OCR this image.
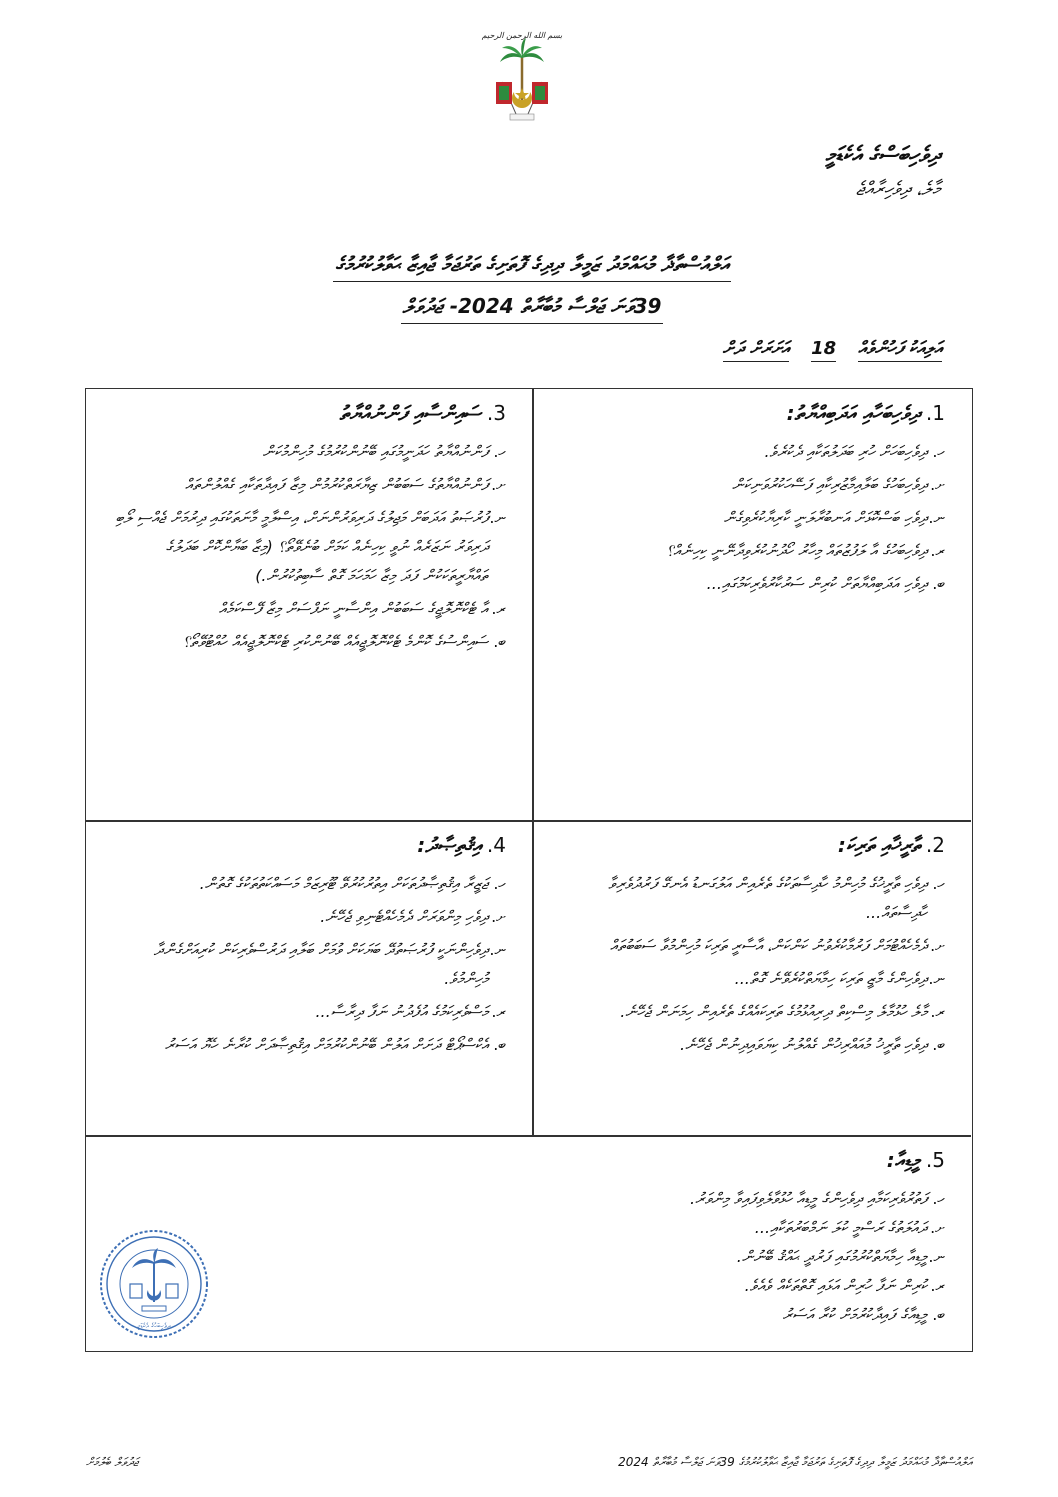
بسم الله الرحمن الرحيم
ދިވެހިބަސްގެ އެކެޑަމީ
މާލެ، ދިވެހިރާއްޖެ
އަލްއުސްތާޛާ މުޙައްމަދު ޒަމީލާ ދިދިގެ ފޮތަށިގެ ތަރުޖަމާ ޖާއިޒާ ޙަވާލުކުރުމުގެ
39ވަނަ ޖަލްސާ މުބާރާތް 2024- ޖަދުވަލް
އަލިއަކު ފަހުންވެއް
18
އަށަރަށް ދަށް
1.ދިވެހިބަހާއި އަދަބިއްޔާތު:
ހ.
ދިވެހިބަހަށް ހުރި ބަދަލުތަކާއި ދެކުރެވެ.
ށ.
ދިވެހިބަހުގެ ބަލާއިމާޒުރިކާއި ފަސޭހަކުރުވަނިކަން
ނ.
ދިވެހި ބަސްކޮޅަށް އަނބުރާލަނީ ކާރިޔާކުރެވިގެން
ރ.
ދިވެހިބަހުގެ އާ ލަފުޒުތައް މިހާރު ހޯދުނުކުރެވިދާނޭނީ ކިހިނެއް؟
ބ.
ދިވެހި އަދަބިއްޔާތަށް ކުރިން ސަރުކާރުވެރިކަމުގައި...
3.ސައިންސާއި ފަންނުއްޔާތު
ހ.
ފަންނުއްޔާތު ހަދަނީމުގައި ބޭނުންކުރުމުގެ މުހިންމުކަން
ށ.
ފަންނުއްޔާތުގެ ސަބަބުން ޒިޔާރަތްކުރުމުން މިޒާ ފައިދާތަކާއި ގެއްލުންތައް
ނ.
ފުރުޞަތު އަދަބަށް މަޖިލުގެ ދަރިވަރުންނަށް، އިސްލާމީ މާނަތަކުގައި ދިރުމަށް ޖެއްސި ލޯބި ދަރިވަރު ނަޒަރެއް ނުވީ ކިހިނެއް ކަމަށް ބުނެވޭތޯ؟ (މިޒާ ބަޔާންކޮށް ބަދަލުގެ ތައްޔާރީތަކަކުން ފަދަ މިޒާ ހަމަހަމަ ގޮތް ސާބިތުކުރުން.)
ރ.
އާ ޓެކްނޮލޮޖީގެ ސަބަބުން އިންސާނީ ނަފްސަށް މިޒާ ފޭސްކަމެއް
ބ.
ސައިންސުގެ ކޮންމެ ޓެކްނޮލޮޖީއެއް ބޭނުންކުރި ޓެކްނޮލޮޖީއެއް ހުއްޓުވޭތޯ؟
2.ތާރީޚާއި ތަރިކަ:
ހ.
ދިވެހި ތާރީޚުގެ މުހިންމު ހާދިސާތަކުގެ ތެރެއިން އަލުގަނޑު އެނގޭ ފަރުދުވެރިވާ ހާދިސާތައް...
ށ.
ދެމެހެއްޓުމަށް ފަރުމާކުރެވުނު ކަންކަން، އާސާރީ ތަރިކަ މުހިންމުވާ ސަބަބުތައް
ނ.
ދިވެހިންގެ މާޒީ ތަރިކަ ހިމާޔަތްކުރެވޭނެ ގޮތް...
ރ.
މާލެ ހުޅުމާލެ މިސްކިތް ދިރިއުޅުމުގެ ތަރިކައެއްގެ ތެރެއިން ހިމަނަން ޖެހޭނެ.
ބ.
ދިވެހި ތާރީޚު މުއައްރިޚުން ގެއްލުނު ކިޔަވައިދިނުން ޖެހޭނެ.
4.އިޤުތިޞާދު:
ހ.
ޖަޒީރާ އިޤުތިޞާދުތަކަށް އިތުރުކުރުވޭ ޓޫރިޒަމް މަސައްކަތުތަކުގެ ގޮތުން.
ށ.
ދިވެހި މިންވަރަށް ދެމެހެއްޓެނިވި ޖެހޭނެ.
ނ.
ދިވެހިންނަކީ ފުރުޞަތުދޭ ބަޔަކަށް ވުމަށް ބަލާއި ދަރުސްވެރިކަން ކުރިއަށްގެންދާ މުހިންމުވެ.
ރ.
މަސްވެރިކަމުގެ އުފެދުނު ނަފާ ދިރާސާ...
ބ.
އެކްސްޕޯޓް ދަށަށް އަލުން ބޭނުންކުރުމަށް އިޤުތިޞާދަށް ކުރާނެ ހެޔޮ އަސަރު
5.މީޑިއާ:
ހ.
ފަތުރުވެރިކަމާއި ދިވެހިންގެ މީޑިއާ ހުޅުވާލެވިފައިވާ މިންވަރު.
ށ.
ދައުލަތުގެ ރަސްމީ ކުލަ ނަމްބަރުތަކާއި...
ނ.
މީޑިއާ ހިމާޔަތްކުރުމުގައި ފަރުދީ ޙައްޤު ބޭނުން.
ރ.
ކުރިން ނަފާ ހުރިން އަޅައި ގޮތްތަކެއް ވެއެވެ.
ބ.
މީޑިއާގެ ފައިދާކުރުމަށް ކުރާ އަސަރު
ދިވެހިބަހުގެ އެކެޑަމީ
ޖަދުވަލް ބެލުމަށް	އަލްއުސްތާޛާ މުޙައްމަދު ޒަމީލާ ދިދިގެ ފޮތަށިގެ ތަރުޖަމާ ޖާއިޒާ ޙަވާލުކުރުމުގެ 39ވަނަ ޖަލްސާ މުބާރާތް 2024
